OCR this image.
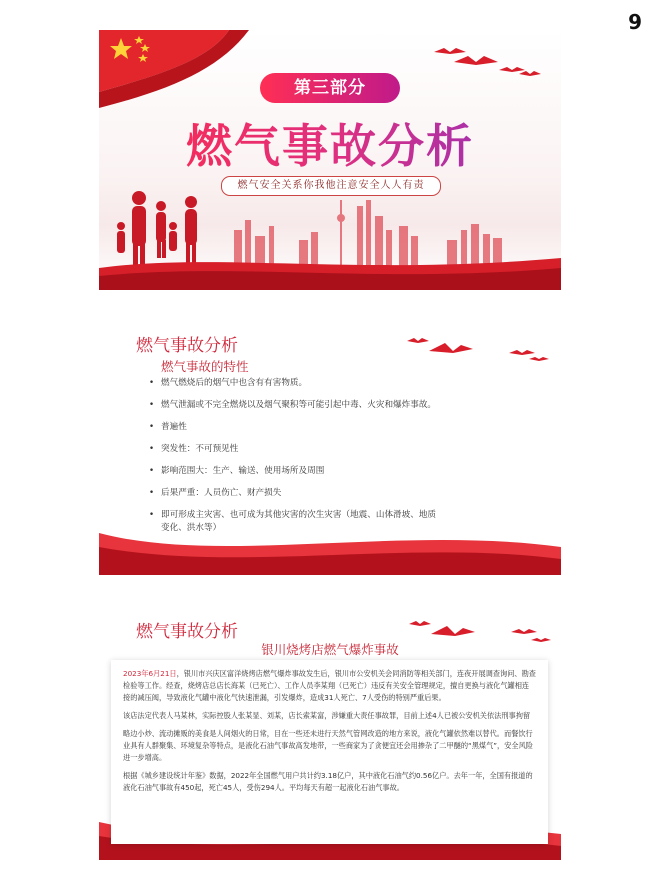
9
第三部分
燃气事故分析
燃气安全关系你我他注意安全人人有责
燃气事故分析
燃气事故的特性
• 燃气燃烧后的烟气中也含有有害物质。
• 燃气泄漏或不完全燃烧以及烟气聚积等可能引起中毒、火灾和爆炸事故。
• 普遍性
• 突发性：不可预见性
• 影响范围大：生产、输送、使用场所及周围
• 后果严重：人员伤亡、财产损失
• 即可形成主灾害、也可成为其他灾害的次生灾害（地震、山体滑坡、地质变化、洪水等）
燃气事故分析
银川烧烤店燃气爆炸事故

2023年6月21日，银川市兴庆区富洋烧烤店燃气爆炸事故发生后，银川市公安机关会同消防等相关部门，连夜开展调查询问、勘查检验等工作。经查，烧烤店总店长海某（已死亡）、工作人员李某翔（已死亡）违反有关安全管理规定，擅自更换与液化气罐相连接的减压阀，导致液化气罐中液化气快速泄漏，引发爆炸，造成31人死亡、7人受伤的特别严重后果。

该店法定代表人马某林，实际控股人张某显、刘某，店长索某富，涉嫌重大责任事故罪，目前上述4人已被公安机关依法刑事拘留

略边小炒、流动摊贩的美食是人间烟火的日常，目在一些还未进行天然气管网改造的地方来说，液化气罐依然难以替代。而餐饮行业具有人群聚集、环境复杂等特点，是液化石油气事故高发地带，一些商家为了贪便宜还会用掺杂了二甲醚的“黑煤气”，安全风险进一步增高。

根据《城乡建设统计年鉴》数据，2022年全国燃气用户共计约3.18亿户，其中液化石油气约0.56亿户。去年一年，全国有报道的液化石油气事故有450起，死亡45人，受伤294人。平均每天有超一起液化石油气事故。
